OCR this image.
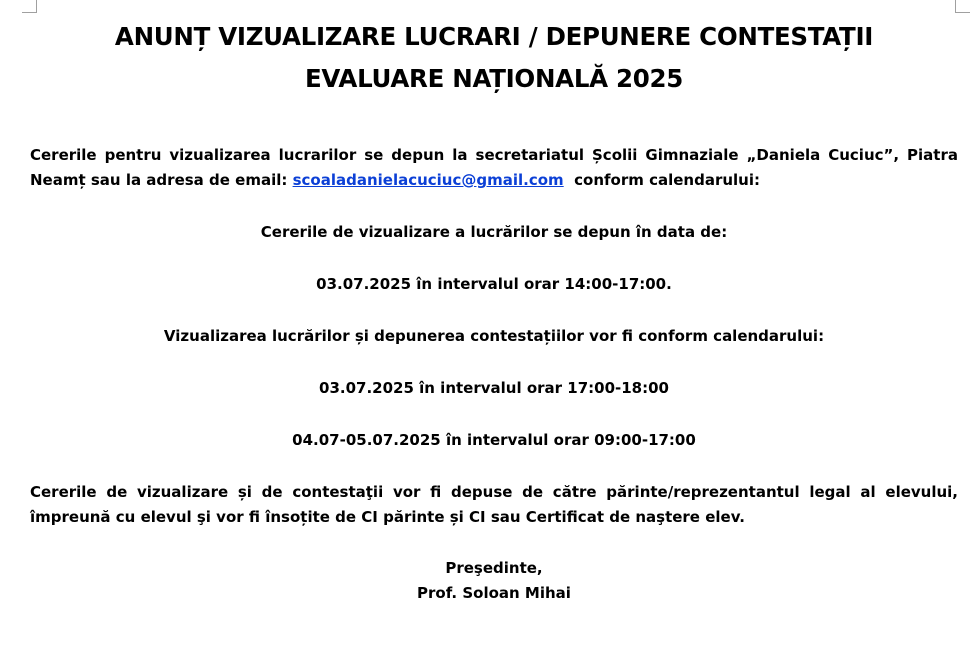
ANUNȚ VIZUALIZARE LUCRARI / DEPUNERE CONTESTAȚII
EVALUARE NAȚIONALĂ 2025

Cererile pentru vizualizarea lucrarilor se depun la secretariatul Școlii Gimnaziale „Daniela Cuciuc”, Piatra Neamț sau la adresa de email: scoaladanielacuciuc@gmail.com  conform calendarului:

Cererile de vizualizare a lucrărilor se depun în data de:

03.07.2025 în intervalul orar 14:00-17:00.

Vizualizarea lucrărilor și depunerea contestațiilor vor fi conform calendarului:

03.07.2025 în intervalul orar 17:00-18:00

04.07-05.07.2025 în intervalul orar 09:00-17:00

Cererile de vizualizare și de contestaţii vor fi depuse de către părinte/reprezentantul legal al elevului, împreună cu elevul şi vor fi însoțite de CI părinte și CI sau Certificat de naştere elev.

Preşedinte,

Prof. Soloan Mihai
